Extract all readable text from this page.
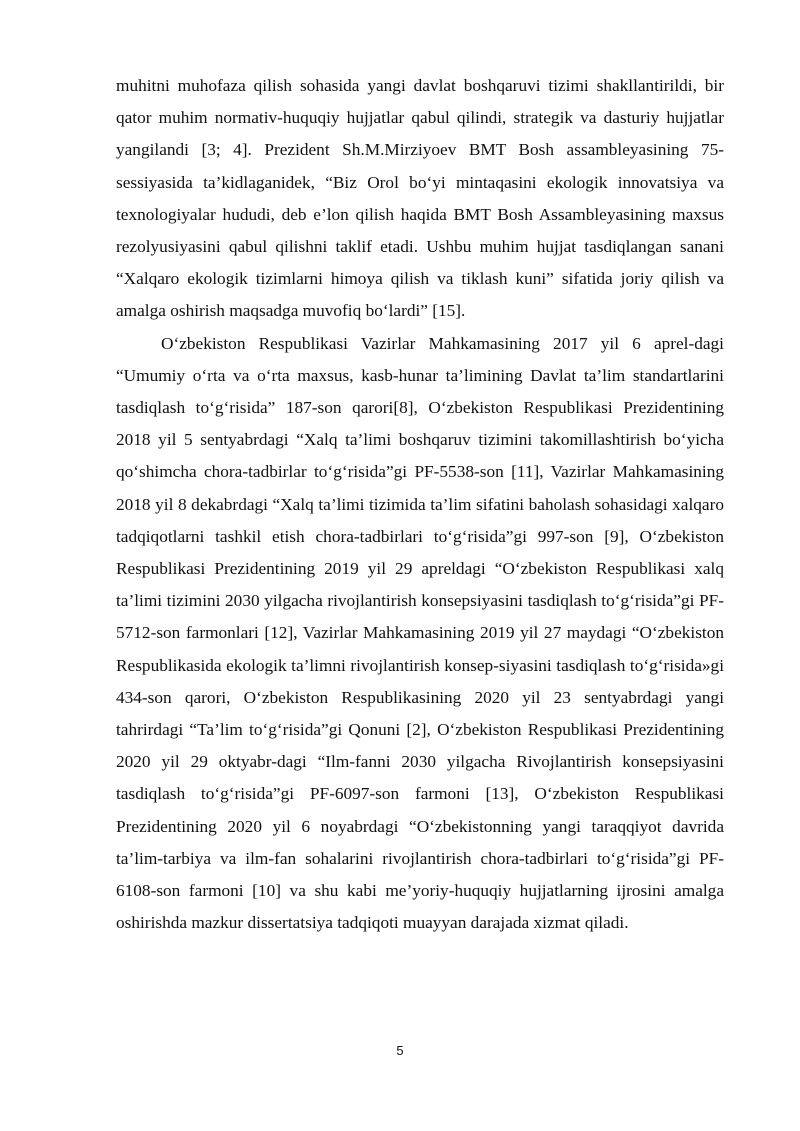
muhitni muhofaza qilish sohasida yangi davlat boshqaruvi tizimi shakllantirildi, bir qator muhim normativ-huquqiy hujjatlar qabul qilindi, strategik va dasturiy hujjatlar yangilandi [3; 4]. Prezident Sh.M.Mirziyoev BMT Bosh assambleyasining 75-sessiyasida ta’kidlaganidek, “Biz Orol bo‘yi mintaqasini ekologik innovatsiya va texnologiyalar hududi, deb e’lon qilish haqida BMT Bosh Assambleyasining maxsus rezolyusiyasini qabul qilishni taklif etadi. Ushbu muhim hujjat tasdiqlangan sanani “Xalqaro ekologik tizimlarni himoya qilish va tiklash kuni” sifatida joriy qilish va amalga oshirish maqsadga muvofiq bo‘lardi” [15].

O‘zbekiston Respublikasi Vazirlar Mahkamasining 2017 yil 6 aprel-dagi “Umumiy o‘rta va o‘rta maxsus, kasb-hunar ta’limining Davlat ta’lim standartlarini tasdiqlash to‘g‘risida” 187-son qarori[8], O‘zbekiston Respublikasi Prezidentining 2018 yil 5 sentyabrdagi “Xalq ta’limi boshqaruv tizimini takomillashtirish bo‘yicha qo‘shimcha chora-tadbirlar to‘g‘risida”gi PF-5538-son [11], Vazirlar Mahkamasining 2018 yil 8 dekabrdagi “Xalq ta’limi tizimida ta’lim sifatini baholash sohasidagi xalqaro tadqiqotlarni tashkil etish chora-tadbirlari to‘g‘risida”gi 997-son [9], O‘zbekiston Respublikasi Prezidentining 2019 yil 29 apreldagi “O‘zbekiston Respublikasi xalq ta’limi tizimini 2030 yilgacha rivojlantirish konsepsiyasini tasdiqlash to‘g‘risida”gi PF-5712-son farmonlari [12], Vazirlar Mahkamasining 2019 yil 27 maydagi “O‘zbekiston Respublikasida ekologik ta’limni rivojlantirish konsep-siyasini tasdiqlash to‘g‘risida»gi 434-son qarori, O‘zbekiston Respublikasining 2020 yil 23 sentyabrdagi yangi tahrirdagi “Ta’lim to‘g‘risida”gi Qonuni [2], O‘zbekiston Respublikasi Prezidentining 2020 yil 29 oktyabr-dagi “Ilm-fanni 2030 yilgacha Rivojlantirish konsepsiyasini tasdiqlash to‘g‘risida”gi PF-6097-son farmoni [13], O‘zbekiston Respublikasi Prezidentining 2020 yil 6 noyabrdagi “O‘zbekistonning yangi taraqqiyot davrida ta’lim-tarbiya va ilm-fan sohalarini rivojlantirish chora-tadbirlari to‘g‘risida”gi PF-6108-son farmoni [10] va shu kabi me’yoriy-huquqiy hujjatlarning ijrosini amalga oshirishda mazkur dissertatsiya tadqiqoti muayyan darajada xizmat qiladi.

5
